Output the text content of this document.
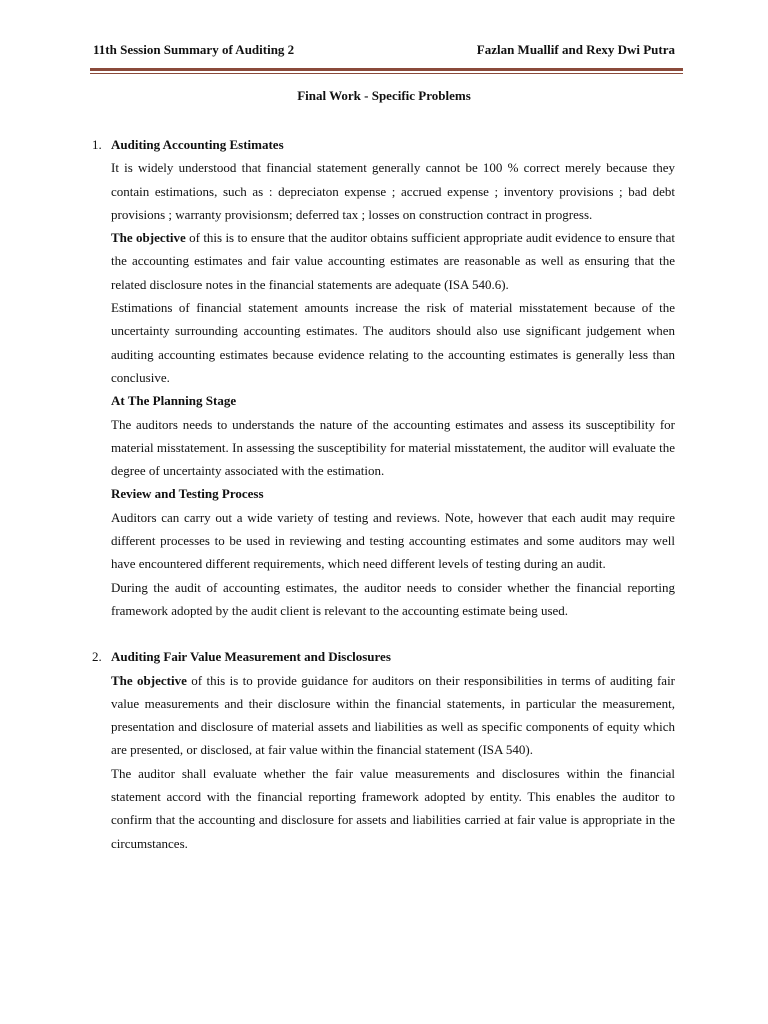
11th Session Summary of Auditing 2	Fazlan Muallif and Rexy Dwi Putra
Final Work - Specific Problems
1. Auditing Accounting Estimates
It is widely understood that financial statement generally cannot be 100 % correct merely because they contain estimations, such as : depreciaton expense ; accrued expense ; inventory provisions ; bad debt provisions ; warranty provisionsm; deferred tax ; losses on construction contract in progress.
The objective of this is to ensure that the auditor obtains sufficient appropriate audit evidence to ensure that the accounting estimates and fair value accounting estimates are reasonable as well as ensuring that the related disclosure notes in the financial statements are adequate (ISA 540.6).
Estimations of financial statement amounts increase the risk of material misstatement because of the uncertainty surrounding accounting estimates. The auditors should also use significant judgement when auditing accounting estimates because evidence relating to the accounting estimates is generally less than conclusive.
At The Planning Stage
The auditors needs to understands the nature of the accounting estimates and assess its susceptibility for material misstatement. In assessing the susceptibility for material misstatement, the auditor will evaluate the degree of uncertainty associated with the estimation.
Review and Testing Process
Auditors can carry out a wide variety of testing and reviews. Note, however that each audit may require different processes to be used in reviewing and testing accounting estimates and some auditors may well have encountered different requirements, which need different levels of testing during an audit.
During the audit of accounting estimates, the auditor needs to consider whether the financial reporting framework adopted by the audit client is relevant to the accounting estimate being used.
2. Auditing Fair Value Measurement and Disclosures
The objective of this is to provide guidance for auditors on their responsibilities in terms of auditing fair value measurements and their disclosure within the financial statements, in particular the measurement, presentation and disclosure of material assets and liabilities as well as specific components of equity which are presented, or disclosed, at fair value within the financial statement (ISA 540).
The auditor shall evaluate whether the fair value measurements and disclosures within the financial statement accord with the financial reporting framework adopted by entity. This enables the auditor to confirm that the accounting and disclosure for assets and liabilities carried at fair value is appropriate in the circumstances.
